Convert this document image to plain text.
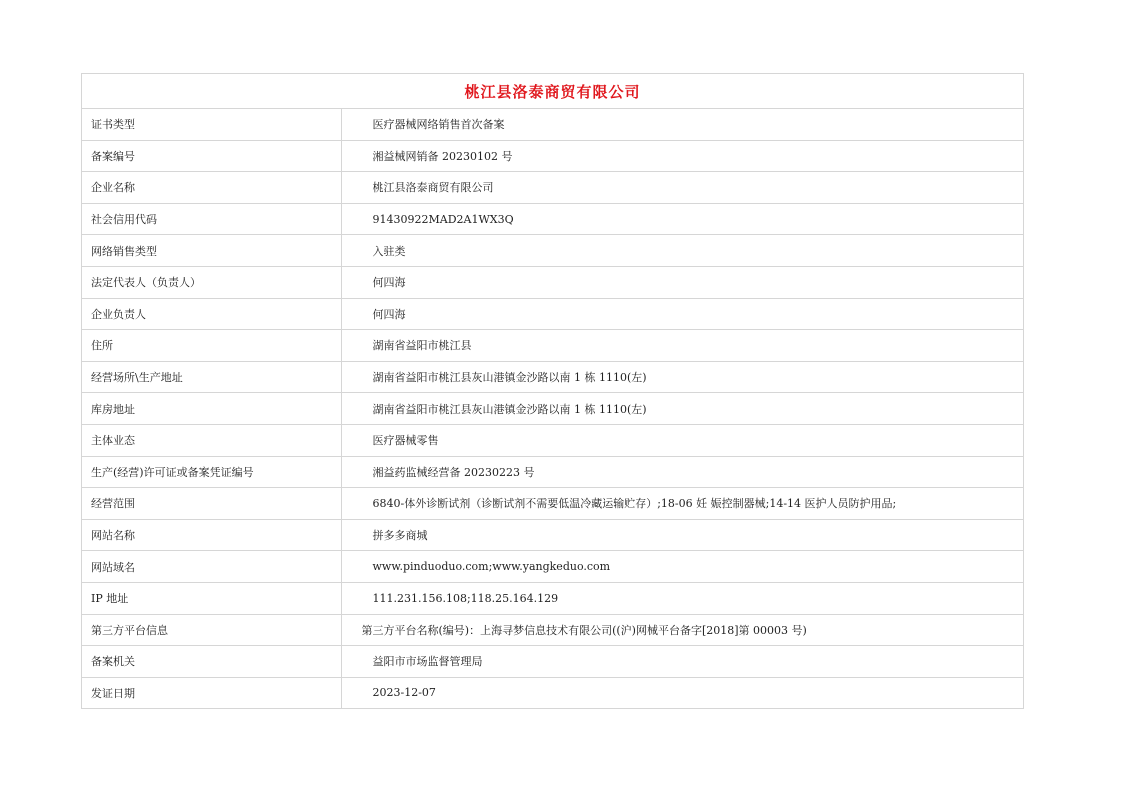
桃江县洛泰商贸有限公司
证书类型	医疗器械网络销售首次备案
备案编号	湘益械网销备 20230102 号
企业名称	桃江县洛泰商贸有限公司
社会信用代码	91430922MAD2A1WX3Q
网络销售类型	入驻类
法定代表人（负责人）	何四海
企业负责人	何四海
住所	湖南省益阳市桃江县
经营场所\生产地址	湖南省益阳市桃江县灰山港镇金沙路以南 1 栋 1110(左)
库房地址	湖南省益阳市桃江县灰山港镇金沙路以南 1 栋 1110(左)
主体业态	医疗器械零售
生产(经营)许可证或备案凭证编号	湘益药监械经营备 20230223 号
经营范围	6840-体外诊断试剂（诊断试剂不需要低温冷藏运输贮存）;18-06 妊 娠控制器械;14-14 医护人员防护用品;
网站名称	拼多多商城
网站域名	www.pinduoduo.com;www.yangkeduo.com
IP 地址	111.231.156.108;118.25.164.129
第三方平台信息	第三方平台名称(编号)：上海寻梦信息技术有限公司((沪)网械平台备字[2018]第 00003 号)
备案机关	益阳市市场监督管理局
发证日期	2023-12-07
